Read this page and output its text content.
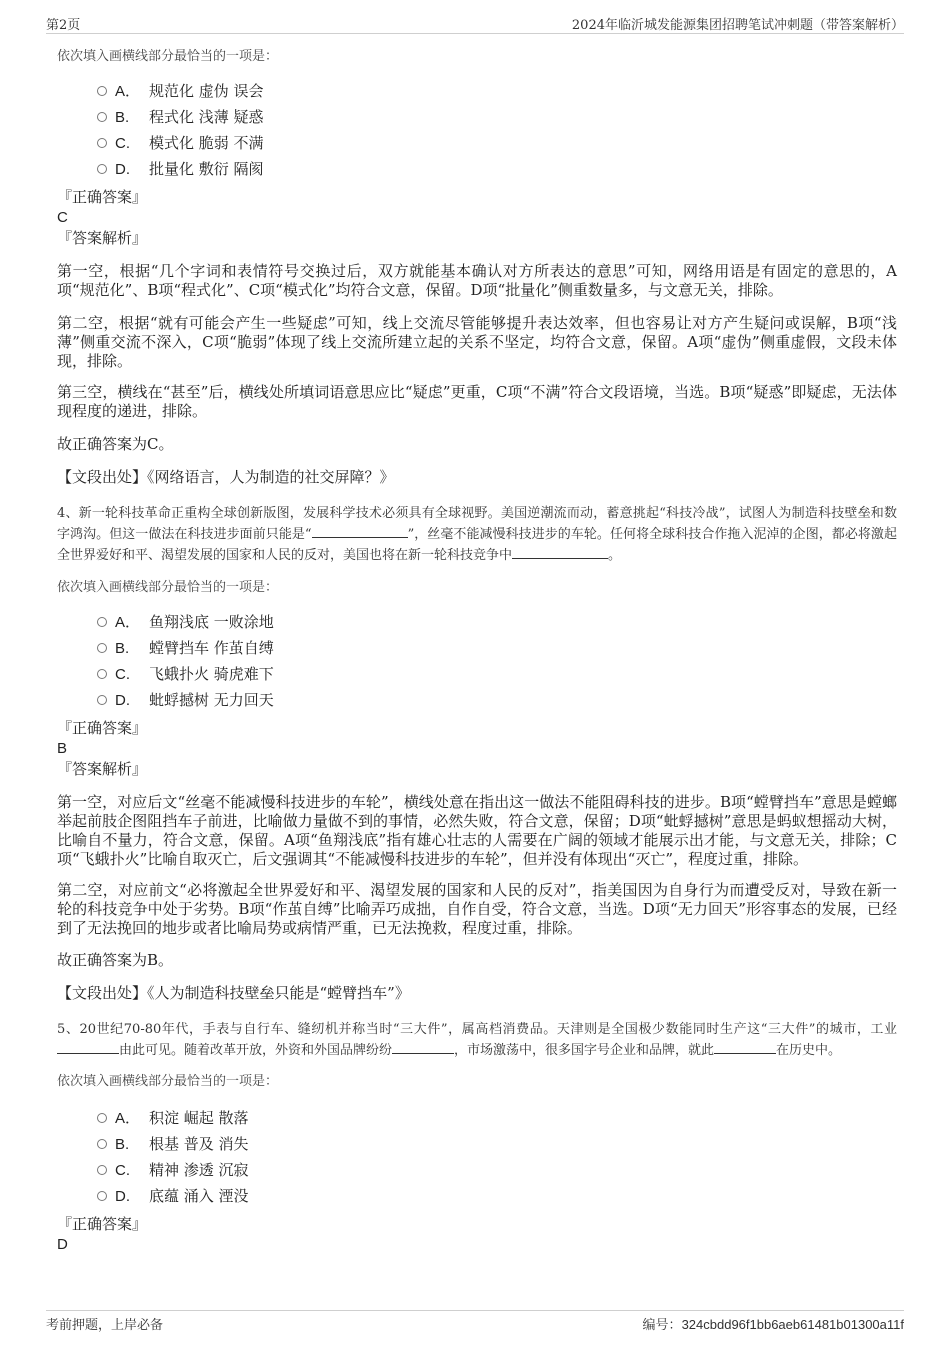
第2页	2024年临沂城发能源集团招聘笔试冲刺题（带答案解析）
依次填入画横线部分最恰当的一项是：
A． 规范化 虚伪 误会
B. 程式化 浅薄 疑惑
C. 模式化 脆弱 不满
D. 批量化 敷衍 隔阂
『正确答案』
C
『答案解析』
第一空，根据“几个字词和表情符号交换过后，双方就能基本确认对方所表达的意思”可知，网络用语是有固定的意思的，A项“规范化”、B项“程式化”、C项“模式化”均符合文意，保留。D项“批量化”侧重数量多，与文意无关，排除。
第二空，根据“就有可能会产生一些疑虑”可知，线上交流尽管能够提升表达效率，但也容易让对方产生疑问或误解，B项“浅薄”侧重交流不深入，C项“脆弱”体现了线上交流所建立起的关系不坚定，均符合文意，保留。A项“虚伪”侧重虚假，文段未体现，排除。
第三空，横线在“甚至”后，横线处所填词语意思应比“疑虑”更重，C项“不满”符合文段语境，当选。B项“疑惑”即疑虑，无法体现程度的递进，排除。
故正确答案为C。
【文段出处】《网络语言，人为制造的社交屏障？》
4、新一轮科技革命正重构全球创新版图，发展科学技术必须具有全球视野。美国逆潮流而动，蓄意挑起“科技冷战”，试图人为制造科技壁垒和数字鸿沟。但这一做法在科技进步面前只能是“	”，丝毫不能减慢科技进步的车轮。任何将全球科技合作拖入泥淖的企图，都必将激起全世界爱好和平、渴望发展的国家和人民的反对，美国也将在新一轮科技竞争中	。
依次填入画横线部分最恰当的一项是：
A． 鱼翔浅底 一败涂地
B. 螳臂挡车 作茧自缚
C. 飞蛾扑火 骑虎难下
D. 蚍蜉撼树 无力回天
『正确答案』
B
『答案解析』
第一空，对应后文“丝毫不能减慢科技进步的车轮”，横线处意在指出这一做法不能阻碍科技的进步。B项“螳臂挡车”意思是螳螂举起前肢企图阻挡车子前进，比喻做力量做不到的事情，必然失败，符合文意，保留；D项“蚍蜉撼树”意思是蚂蚁想摇动大树，比喻自不量力，符合文意，保留。A项“鱼翔浅底”指有雄心壮志的人需要在广阔的领域才能展示出才能，与文意无关，排除；C项“飞蛾扑火”比喻自取灭亡，后文强调其“不能减慢科技进步的车轮”，但并没有体现出“灭亡”，程度过重，排除。
第二空，对应前文“必将激起全世界爱好和平、渴望发展的国家和人民的反对”，指美国因为自身行为而遭受反对，导致在新一轮的科技竞争中处于劣势。B项“作茧自缚”比喻弄巧成拙，自作自受，符合文意，当选。D项“无力回天”形容事态的发展，已经到了无法挽回的地步或者比喻局势或病情严重，已无法挽救，程度过重，排除。
故正确答案为B。
【文段出处】《人为制造科技壁垒只能是“螳臂挡车”》
5、20世纪70-80年代，手表与自行车、缝纫机并称当时“三大件”，属高档消费品。天津则是全国极少数能同时生产这“三大件”的城市，工业由此可见。随着改革开放，外资和外国品牌纷纷	，市场激荡中，很多国字号企业和品牌，就此	在历史中。
依次填入画横线部分最恰当的一项是：
A． 积淀 崛起 散落
B. 根基 普及 消失
C. 精神 渗透 沉寂
D. 底蕴 涌入 湮没
『正确答案』
D
考前押题，上岸必备	编号：324cbdd96f1bb6aeb61481b01300a11f
